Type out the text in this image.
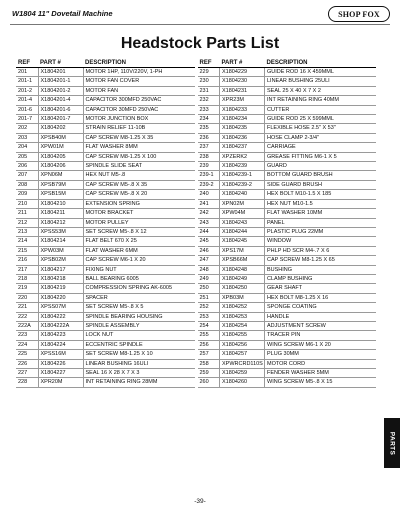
W1804 11" Dovetail Machine	SHOP FOX
Headstock Parts List
REF	PART #	DESCRIPTION
201	X1804201	MOTOR 1HP, 110V/220V, 1-PH
201-1	X1804201-1	MOTOR FAN COVER
201-2	X1804201-2	MOTOR FAN
201-4	X1804201-4	CAPACITOR 300MFD 250VAC
201-6	X1804201-6	CAPACITOR 30MFD 250VAC
201-7	X1804201-7	MOTOR JUNCTION BOX
202	X1804202	STRAIN RELIEF 11-10B
203	XPSB40M	CAP SCREW M8-1.25 X 35
204	XPW01M	FLAT WASHER 8MM
205	X1804205	CAP SCREW M8-1.25 X 100
206	X1804206	SPINDLE SLIDE SEAT
207	XPN06M	HEX NUT M5-.8
208	XPSB79M	CAP SCREW M5-.8 X 35
209	XPSB15M	CAP SCREW M5-.8 X 20
210	X1804210	EXTENSION SPRING
211	X1804211	MOTOR BRACKET
212	X1804212	MOTOR PULLEY
213	XPSS53M	SET SCREW M5-.8 X 12
214	X1804214	FLAT BELT 670 X 25
215	XPW03M	FLAT WASHER 6MM
216	XPSB02M	CAP SCREW M6-1 X 20
217	X1804217	FIXING NUT
218	X1804218	BALL BEARING 6005
219	X1804219	COMPRESSION SPRING AK-6005
220	X1804220	SPACER
221	XPSS07M	SET SCREW M5-.8 X 5
222	X1804222	SPINDLE BEARING HOUSING
222A	X1804222A	SPINDLE ASSEMBLY
223	X1804223	LOCK NUT
224	X1804224	ECCENTRIC SPINDLE
225	XPSS16M	SET SCREW M8-1.25 X 10
226	X1804226	LINEAR BUSHING 16ULI
227	X1804227	SEAL 16 X 28 X 7 X 3
228	XPR20M	INT RETAINING RING 28MM
REF	PART #	DESCRIPTION
229	X1804229	GUIDE ROD 16 X 459MML
230	X1804230	LINEAR BUSHING 25ULI
231	X1804231	SEAL 25 X 40 X 7 X 2
232	XPR23M	INT RETAINING RING 40MM
233	X1804233	CUTTER
234	X1804234	GUIDE ROD 25 X 599MML
235	X1804235	FLEXIBLE HOSE 2.5" X 53"
236	X1804236	HOSE CLAMP 2-3/4"
237	X1804237	CARRIAGE
238	XPZERK2	GREASE FITTING M6-1 X 5
239	X1804239	GUARD
239-1	X1804239-1	BOTTOM GUARD BRUSH
239-2	X1804239-2	SIDE GUARD BRUSH
240	X1804240	HEX BOLT M10-1.5 X 185
241	XPN02M	HEX NUT M10-1.5
242	XPW04M	FLAT WASHER 10MM
243	X1804243	PANEL
244	X1804244	PLASTIC PLUG 22MM
245	X1804245	WINDOW
246	XPS17M	PHLP HD SCR M4-.7 X 6
247	XPSB66M	CAP SCREW M8-1.25 X 65
248	X1804248	BUSHING
249	X1804249	CLAMP BUSHING
250	X1804250	GEAR SHAFT
251	XPB03M	HEX BOLT M8-1.25 X 16
252	X1804252	SPONGE COATING
253	X1804253	HANDLE
254	X1804254	ADJUSTMENT SCREW
255	X1804255	TRACER PIN
256	X1804256	WING SCREW M6-1 X 20
257	X1804257	PLUG 30MM
258	XPWRCRD110S	MOTOR CORD
259	X1804259	FENDER WASHER 5MM
260	X1804260	WING SCREW M5-.8 X 15
PARTS
-39-
